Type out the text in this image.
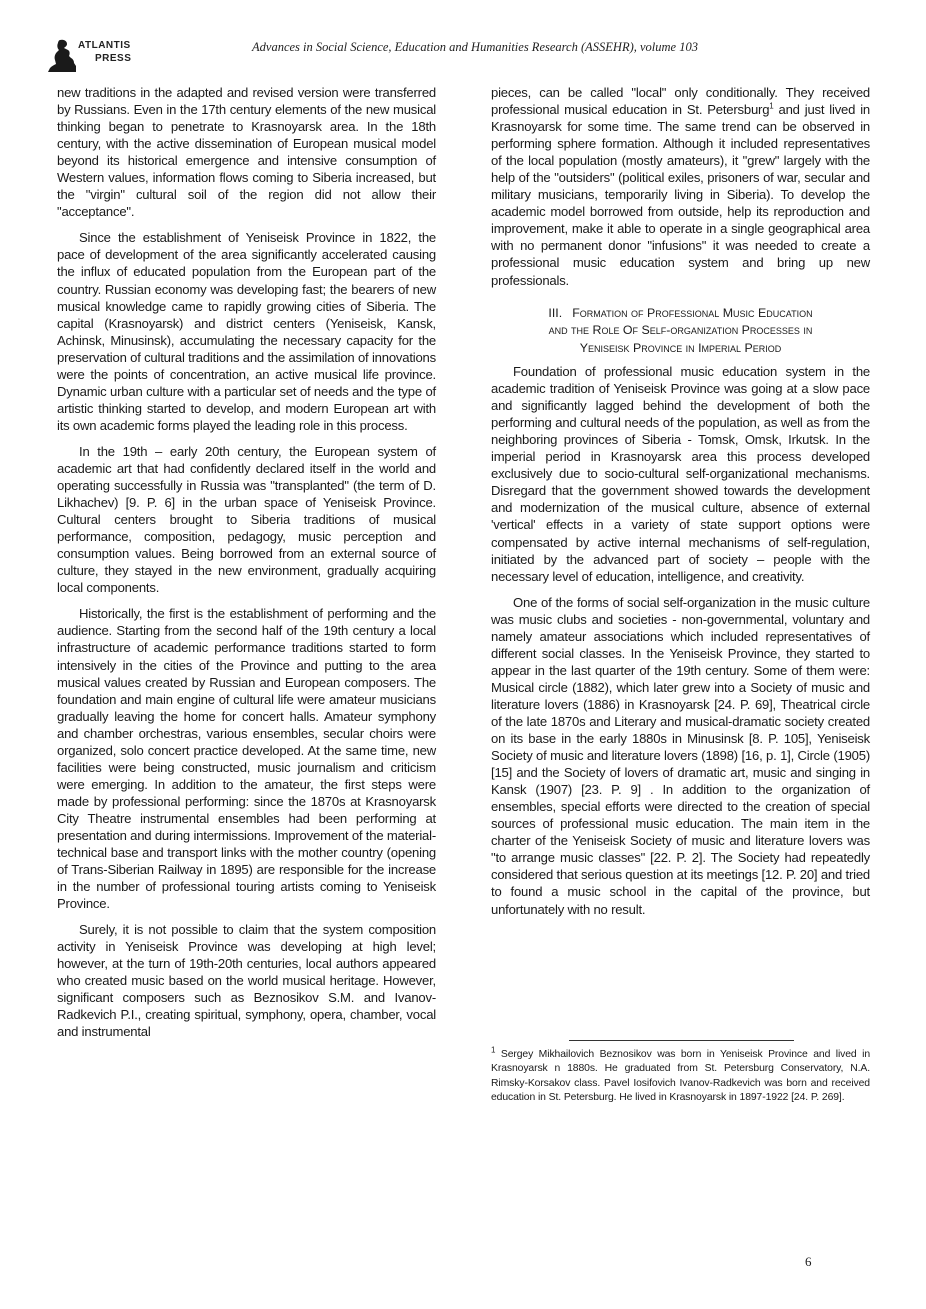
ATLANTIS
PRESS
Advances in Social Science, Education and Humanities Research (ASSEHR), volume 103

new traditions in the adapted and revised version were transferred by Russians. Even in the 17th century elements of the new musical thinking began to penetrate to Krasnoyarsk area. In the 18th century, with the active dissemination of European musical model beyond its historical emergence and intensive consumption of Western values, information flows coming to Siberia increased, but the "virgin" cultural soil of the region did not allow their "acceptance".

Since the establishment of Yeniseisk Province in 1822, the pace of development of the area significantly accelerated causing the influx of educated population from the European part of the country. Russian economy was developing fast; the bearers of new musical knowledge came to rapidly growing cities of Siberia. The capital (Krasnoyarsk) and district centers (Yeniseisk, Kansk, Achinsk, Minusinsk), accumulating the necessary capacity for the preservation of cultural traditions and the assimilation of innovations were the points of concentration, an active musical life province. Dynamic urban culture with a particular set of needs and the type of artistic thinking started to develop, and modern European art with its own academic forms played the leading role in this process.

In the 19th – early 20th century, the European system of academic art that had confidently declared itself in the world and operating successfully in Russia was "transplanted" (the term of D. Likhachev) [9. P. 6] in the urban space of Yeniseisk Province. Cultural centers brought to Siberia traditions of musical performance, composition, pedagogy, music perception and consumption values. Being borrowed from an external source of culture, they stayed in the new environment, gradually acquiring local components.

Historically, the first is the establishment of performing and the audience. Starting from the second half of the 19th century a local infrastructure of academic performance traditions started to form intensively in the cities of the Province and putting to the area musical values created by Russian and European composers. The foundation and main engine of cultural life were amateur musicians gradually leaving the home for concert halls. Amateur symphony and chamber orchestras, various ensembles, secular choirs were organized, solo concert practice developed. At the same time, new facilities were being constructed, music journalism and criticism were emerging. In addition to the amateur, the first steps were made by professional performing: since the 1870s at Krasnoyarsk City Theatre instrumental ensembles had been performing at presentation and during intermissions. Improvement of the material-technical base and transport links with the mother country (opening of Trans-Siberian Railway in 1895) are responsible for the increase in the number of professional touring artists coming to Yeniseisk Province.

Surely, it is not possible to claim that the system composition activity in Yeniseisk Province was developing at high level; however, at the turn of 19th-20th centuries, local authors appeared who created music based on the world musical heritage. However, significant composers such as Beznosikov S.M. and Ivanov-Radkevich P.I., creating spiritual, symphony, opera, chamber, vocal and instrumental

pieces, can be called "local" only conditionally. They received professional musical education in St. Petersburg$^1$ and just lived in Krasnoyarsk for some time. The same trend can be observed in performing sphere formation. Although it included representatives of the local population (mostly amateurs), it "grew" largely with the help of the "outsiders" (political exiles, prisoners of war, secular and military musicians, temporarily living in Siberia). To develop the academic model borrowed from outside, help its reproduction and improvement, make it able to operate in a single geographical area with no permanent donor "infusions" it was needed to create a professional music education system and bring up new professionals.

III. Formation of Professional Music Education
and the Role Of Self-organization Processes in
Yeniseisk Province in Imperial Period

Foundation of professional music education system in the academic tradition of Yeniseisk Province was going at a slow pace and significantly lagged behind the development of both the performing and cultural needs of the population, as well as from the neighboring provinces of Siberia - Tomsk, Omsk, Irkutsk. In the imperial period in Krasnoyarsk area this process developed exclusively due to socio-cultural self-organizational mechanisms. Disregard that the government showed towards the development and modernization of the musical culture, absence of external 'vertical' effects in a variety of state support options were compensated by active internal mechanisms of self-regulation, initiated by the advanced part of society – people with the necessary level of education, intelligence, and creativity.

One of the forms of social self-organization in the music culture was music clubs and societies - non-governmental, voluntary and namely amateur associations which included representatives of different social classes. In the Yeniseisk Province, they started to appear in the last quarter of the 19th century. Some of them were: Musical circle (1882), which later grew into a Society of music and literature lovers (1886) in Krasnoyarsk [24. P. 69], Theatrical circle of the late 1870s and Literary and musical-dramatic society created on its base in the early 1880s in Minusinsk [8. P. 105], Yeniseisk Society of music and literature lovers (1898) [16, p. 1], Circle (1905) [15] and the Society of lovers of dramatic art, music and singing in Kansk (1907) [23. P. 9] . In addition to the organization of ensembles, special efforts were directed to the creation of special sources of professional music education. The main item in the charter of the Yeniseisk Society of music and literature lovers was "to arrange music classes" [22. P. 2]. The Society had repeatedly considered that serious question at its meetings [12. P. 20] and tried to found a music school in the capital of the province, but unfortunately with no result.

$^1$ Sergey Mikhailovich Beznosikov was born in Yeniseisk Province and lived in Krasnoyarsk n 1880s. He graduated from St. Petersburg Conservatory, N.A. Rimsky-Korsakov class. Pavel Iosifovich Ivanov-Radkevich was born and received education in St. Petersburg. He lived in Krasnoyarsk in 1897-1922 [24. P. 269].

6
